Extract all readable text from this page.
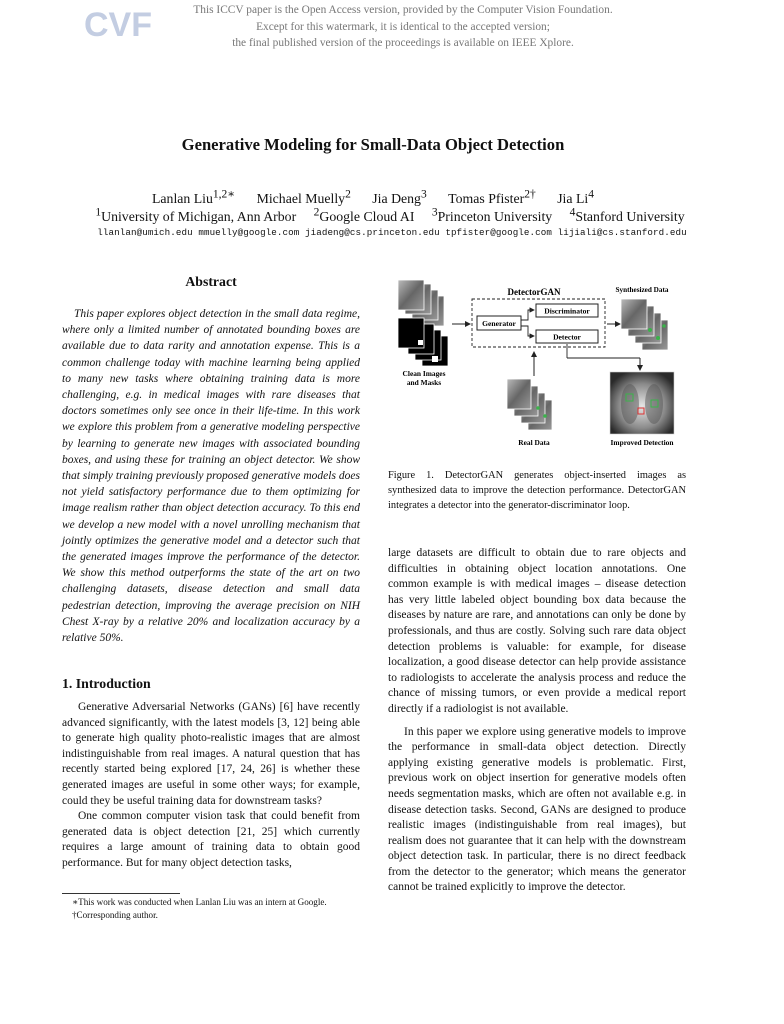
CVF	This ICCV paper is the Open Access version, provided by the Computer Vision Foundation.
Except for this watermark, it is identical to the accepted version;
the final published version of the proceedings is available on IEEE Xplore.
Generative Modeling for Small-Data Object Detection
Lanlan Liu$^{1,2∗}$ Michael Muelly$^2$ Jia Deng$^3$ Tomas Pfister$^{2\dagger}$ Jia Li$^4$
$^1$University of Michigan, Ann Arbor $^2$Google Cloud AI $^3$Princeton University $^4$Stanford University
llanlan@umich.edu mmuelly@google.com jiadeng@cs.princeton.edu tpfister@google.com lijiali@cs.stanford.edu
Abstract

This paper explores object detection in the small data regime, where only a limited number of annotated bounding boxes are available due to data rarity and annotation expense. This is a common challenge today with machine learning being applied to many new tasks where obtaining training data is more challenging, e.g. in medical images with rare diseases that doctors sometimes only see once in their life-time. In this work we explore this problem from a generative modeling perspective by learning to generate new images with associated bounding boxes, and using these for training an object detector. We show that simply training previously proposed generative models does not yield satisfactory performance due to them optimizing for image realism rather than object detection accuracy. To this end we develop a new model with a novel unrolling mechanism that jointly optimizes the generative model and a detector such that the generated images improve the performance of the detector. We show this method outperforms the state of the art on two challenging datasets, disease detection and small data pedestrian detection, improving the average precision on NIH Chest X-ray by a relative 20% and localization accuracy by a relative 50%.

1. Introduction

Generative Adversarial Networks (GANs) [6] have recently advanced significantly, with the latest models [3, 12] being able to generate high quality photo-realistic images that are almost indistinguishable from real images. A natural question that has recently started being explored [17, 24, 26] is whether these generated images are useful in some other ways; for example, could they be useful training data for downstream tasks?

One common computer vision task that could benefit from generated data is object detection [21, 25] which currently requires a large amount of training data to obtain good performance. But for many object detection tasks,

∗This work was conducted when Lanlan Liu was an intern at Google.
†Corresponding author.
Clean Images
and Masks
DetectorGAN
Generator
Discriminator
Detector
Synthesized Data
Real Data	Improved Detection
Figure 1. DetectorGAN generates object-inserted images as synthesized data to improve the detection performance. DetectorGAN integrates a detector into the generator-discriminator loop.

large datasets are difficult to obtain due to rare objects and difficulties in obtaining object location annotations. One common example is with medical images – disease detection has very little labeled object bounding box data because the diseases by nature are rare, and annotations can only be done by professionals, and thus are costly. Solving such rare data object detection problems is valuable: for example, for disease localization, a good disease detector can help provide assistance to radiologists to accelerate the analysis process and reduce the chance of missing tumors, or even provide a medical report directly if a radiologist is not available.

In this paper we explore using generative models to improve the performance in small-data object detection. Directly applying existing generative models is problematic. First, previous work on object insertion for generative models often needs segmentation masks, which are often not available e.g. in disease detection tasks. Second, GANs are designed to produce realistic images (indistinguishable from real images), but realism does not guarantee that it can help with the downstream object detection task. In particular, there is no direct feedback from the detector to the generator; which means the generator cannot be trained explicitly to improve the detector.
